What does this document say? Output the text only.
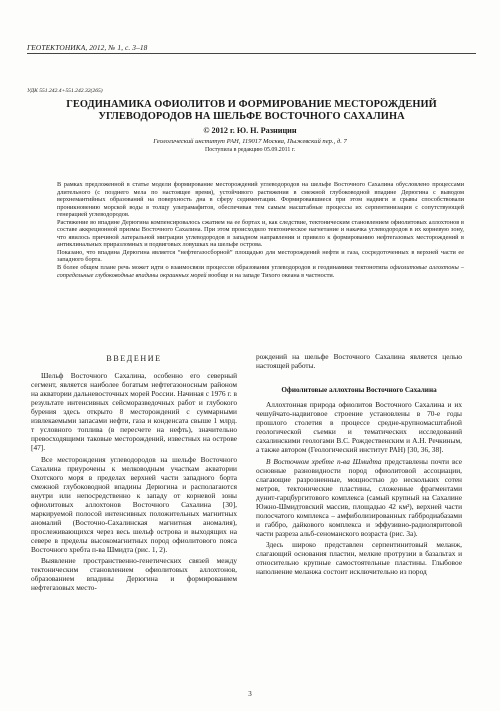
ГЕОТЕКТОНИКА, 2012, № 1, с. 3–18
УДК 551.242.4+551.242.32(265)
ГЕОДИНАМИКА ОФИОЛИТОВ И ФОРМИРОВАНИЕ МЕСТОРОЖДЕНИЙ
УГЛЕВОДОРОДОВ НА ШЕЛЬФЕ ВОСТОЧНОГО САХАЛИНА
© 2012 г. Ю. Н. Разницин
Геологический институт РАН, 119017 Москва, Пыжевский пер., д. 7
Поступила в редакцию 05.09.2011 г.

В рамках предложенной в статье модели формирование месторождений углеводородов на шельфе Восточного Сахалина обусловлено процессами длительного (с позднего мела по настоящее время), устойчивого растяжения в смежной глубоководной впадине Дерюгина с выводом верхнемантийных образований на поверхность дна в сферу седиментации. Формировавшиеся при этом надвиги и срывы способствовали проникновению морской воды в толщу ультрамафитов, обеспечивая тем самым масштабные процессы их серпентинизации с сопутствующей генерацией углеводородов.

Растяжение во впадине Дерюгина компенсировалось сжатием на ее бортах и, как следствие, тектоническим становлением офиолитовых аллохтонов в составе аккреционной призмы Восточного Сахалина. При этом происходило тектоническое нагнетание и накачка углеводородов в их корневую зону, что явилось причиной латеральной миграции углеводородов в западном направлении и привело к формированию нефтегазовых месторождений в антиклинальных приразломных и подвиговых ловушках на шельфе острова.

Показано, что впадина Дерюгина является “нефтегазосборной” площадью для месторождений нефти и газа, сосредоточенных в верхней части ее западного борта.

В более общем плане речь может идти о взаимосвязи процессов образования углеводородов и геодинамики тектонотипа офиолитовые аллохтоны – сопредельные глубоководные впадины окраинных морей вообще и на западе Тихого океана в частности.

ВВЕДЕНИЕ

Шельф Восточного Сахалина, особенно его северный сегмент, является наиболее богатым нефтегазоносным районом на акватории дальневосточных морей России. Начиная с 1976 г. в результате интенсивных сейсморазведочных работ и глубокого бурения здесь открыто 8 месторождений с суммарными извлекаемыми запасами нефти, газа и конденсата свыше 1 млрд. т условного топлива (в пересчете на нефть), значительно превосходящими таковые месторождений, известных на острове [47].

Все месторождения углеводородов на шельфе Восточного Сахалина приурочены к мелководным участкам акватории Охотского моря в пределах верхней части западного борта смежной глубоководной впадины Дерюгина и располагаются внутри или непосредственно к западу от корневой зоны офиолитовых аллохтонов Восточного Сахалина [30], маркируемой полосой интенсивных положительных магнитных аномалий (Восточно-Сахалинская магнитная аномалия), прослеживающихся через весь шельф острова и выходящих на севере в пределы высокомагнитных пород офиолитового пояса Восточного хребта п-ва Шмидта (рис. 1, 2).

Выявление пространственно-генетических связей между тектоническим становлением офиолитовых аллохтонов, образованием впадины Дерюгина и формированием нефтегазовых место-

рождений на шельфе Восточного Сахалина является целью настоящей работы.

Офиолитовые аллохтоны Восточного Сахалина

Аллохтонная природа офиолитов Восточного Сахалина и их чешуйчато-надвиговое строение установлены в 70-е годы прошлого столетия в процессе средне-крупномасштабной геологической съемки и тематических исследований сахалинскими геологами B.C. Рождественским и А.Н. Речкиным, а также автором (Геологический институт РАН) [30, 36, 38].

В Восточном хребте п-ва Шмидта представлены почти все основные разновидности пород офиолитовой ассоциации, слагающие разрозненные, мощностью до нескольких сотен метров, тектонические пластины, сложенные фрагментами дунит-гарцбургитового комплекса (самый крупный на Сахалине Южно-Шмидтовский массив, площадью 42 км²), верхней части полосчатого комплекса – амфиболизированных габбродиабазами и габбро, дайкового комплекса и эффузивно-радиоляритовой части разреза альб-сеноманского возраста (рис. 3а).

Здесь широко представлен серпентинитовый меланж, слагающий основания пластин, мелкие протрузии в базальтах и относительно крупные самостоятельные пластины. Глыбовое наполнение меланжа состоит исключительно из пород

3
